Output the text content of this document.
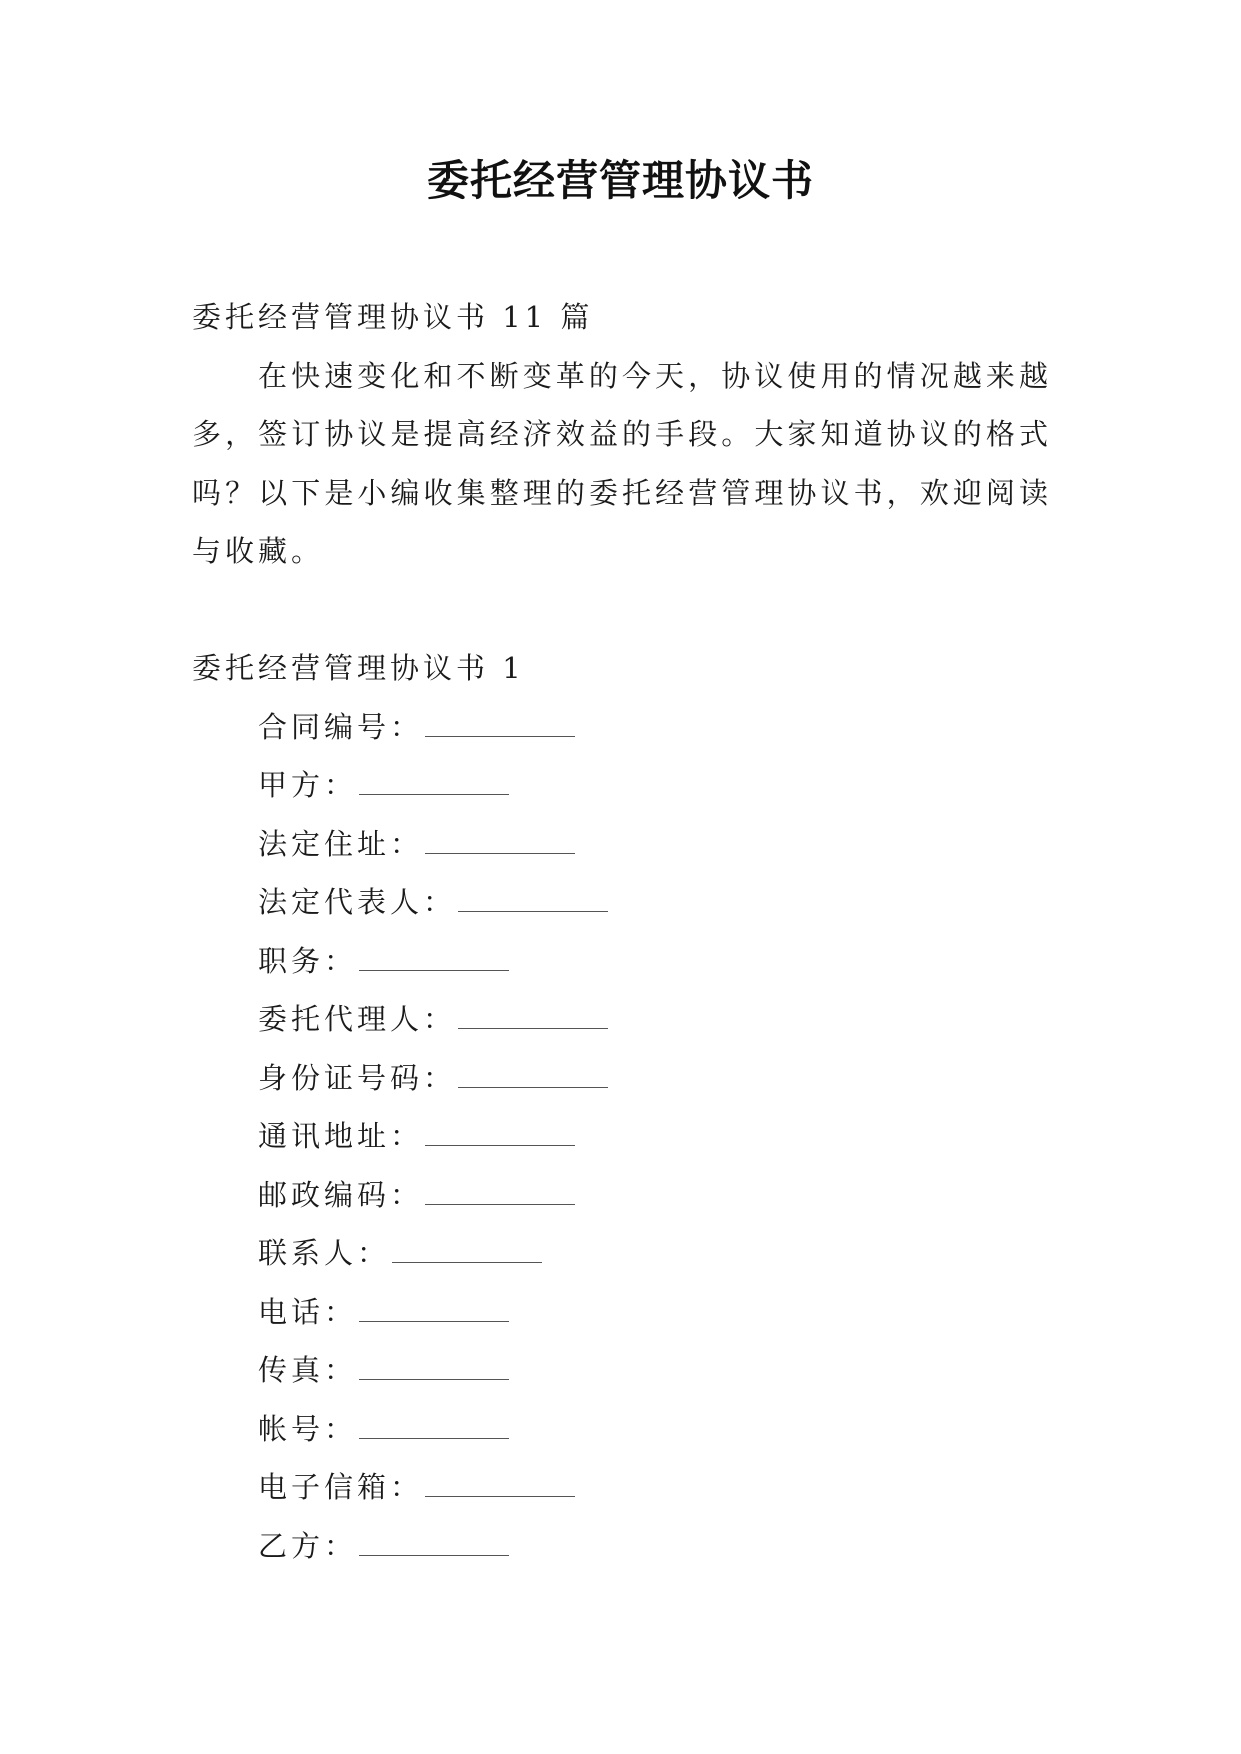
委托经营管理协议书

委托经营管理协议书 11 篇

在快速变化和不断变革的今天，协议使用的情况越来越多，签订协议是提高经济效益的手段。大家知道协议的格式吗？以下是小编收集整理的委托经营管理协议书，欢迎阅读与收藏。

委托经营管理协议书 1

合同编号：

甲方：

法定住址：

法定代表人：

职务：

委托代理人：

身份证号码：

通讯地址：

邮政编码：

联系人：

电话：

传真：

帐号：

电子信箱：

乙方：
